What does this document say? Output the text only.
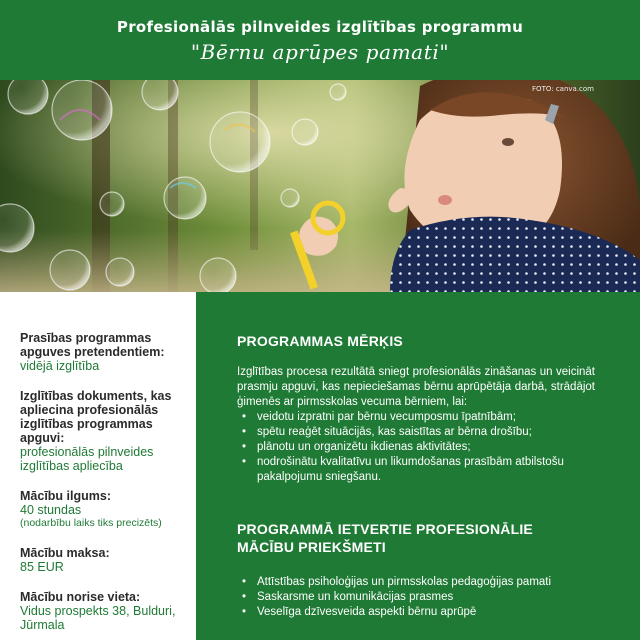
Profesionālās pilnveides izglītības programmu
"Bērnu aprūpes pamati"
FOTO: canva.com
Prasības programmas apguves pretendentiem:
vidējā izglītība
Izglītības dokuments, kas apliecina profesionālās izglītības programmas apguvi:
profesionālās pilnveides izglītības apliecība
Mācību ilgums:
40 stundas
(nodarbību laiks tiks precizēts)
Mācību maksa:
85 EUR
Mācību norise vieta:
Vidus prospekts 38, Bulduri, Jūrmala
PROGRAMMAS MĒRĶIS
Izglītības procesa rezultātā sniegt profesionālās zināšanas un veicināt prasmju apguvi, kas nepieciešamas bērnu aprūpētāja darbā, strādājot ģimenēs ar pirmsskolas vecuma bērniem, lai:
• veidotu izpratni par bērnu vecumposmu īpatnībām;
• spētu reaģēt situācijās, kas saistītas ar bērna drošību;
• plānotu un organizētu ikdienas aktivitātes;
• nodrošinātu kvalitatīvu un likumdošanas prasībām atbilstošu pakalpojumu sniegšanu.
PROGRAMMĀ IETVERTIE PROFESIONĀLIE MĀCĪBU PRIEKŠMETI
• Attīstības psiholoģijas un pirmsskolas pedagoģijas pamati
• Saskarsme un komunikācijas prasmes
• Veselīga dzīvesveida aspekti bērnu aprūpē
